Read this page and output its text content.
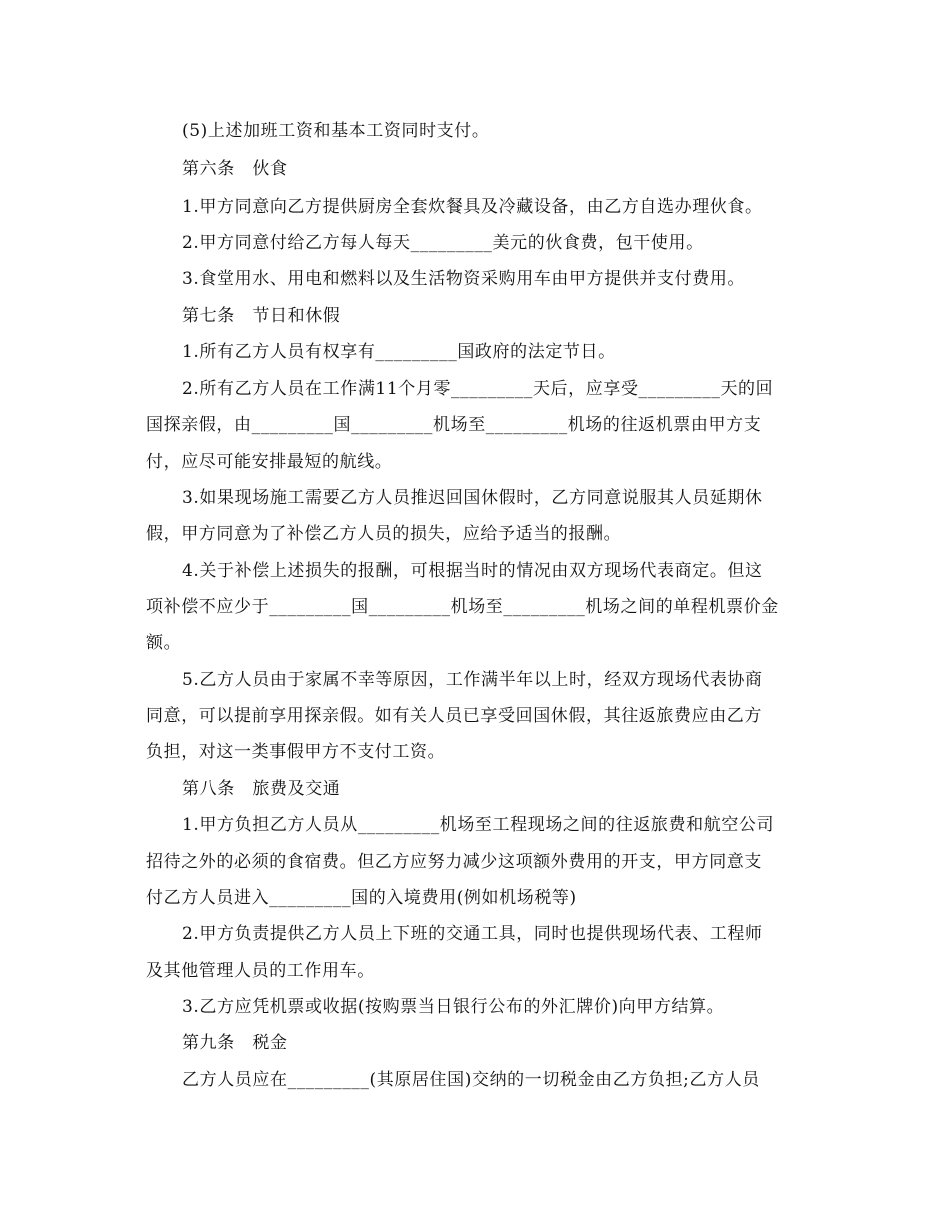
(5)上述加班工资和基本工资同时支付。
第六条　伙食
1.甲方同意向乙方提供厨房全套炊餐具及冷藏设备，由乙方自选办理伙食。
2.甲方同意付给乙方每人每天_________美元的伙食费，包干使用。
3.食堂用水、用电和燃料以及生活物资采购用车由甲方提供并支付费用。
第七条　节日和休假
1.所有乙方人员有权享有_________国政府的法定节日。
2.所有乙方人员在工作满11个月零_________天后，应享受_________天的回
国探亲假，由_________国_________机场至_________机场的往返机票由甲方支
付，应尽可能安排最短的航线。
3.如果现场施工需要乙方人员推迟回国休假时，乙方同意说服其人员延期休
假，甲方同意为了补偿乙方人员的损失，应给予适当的报酬。
4.关于补偿上述损失的报酬，可根据当时的情况由双方现场代表商定。但这
项补偿不应少于_________国_________机场至_________机场之间的单程机票价金
额。
5.乙方人员由于家属不幸等原因，工作满半年以上时，经双方现场代表协商
同意，可以提前享用探亲假。如有关人员已享受回国休假，其往返旅费应由乙方
负担，对这一类事假甲方不支付工资。
第八条　旅费及交通
1.甲方负担乙方人员从_________机场至工程现场之间的往返旅费和航空公司
招待之外的必须的食宿费。但乙方应努力减少这项额外费用的开支，甲方同意支
付乙方人员进入_________国的入境费用(例如机场税等)
2.甲方负责提供乙方人员上下班的交通工具，同时也提供现场代表、工程师
及其他管理人员的工作用车。
3.乙方应凭机票或收据(按购票当日银行公布的外汇牌价)向甲方结算。
第九条　税金
乙方人员应在_________(其原居住国)交纳的一切税金由乙方负担;乙方人员
